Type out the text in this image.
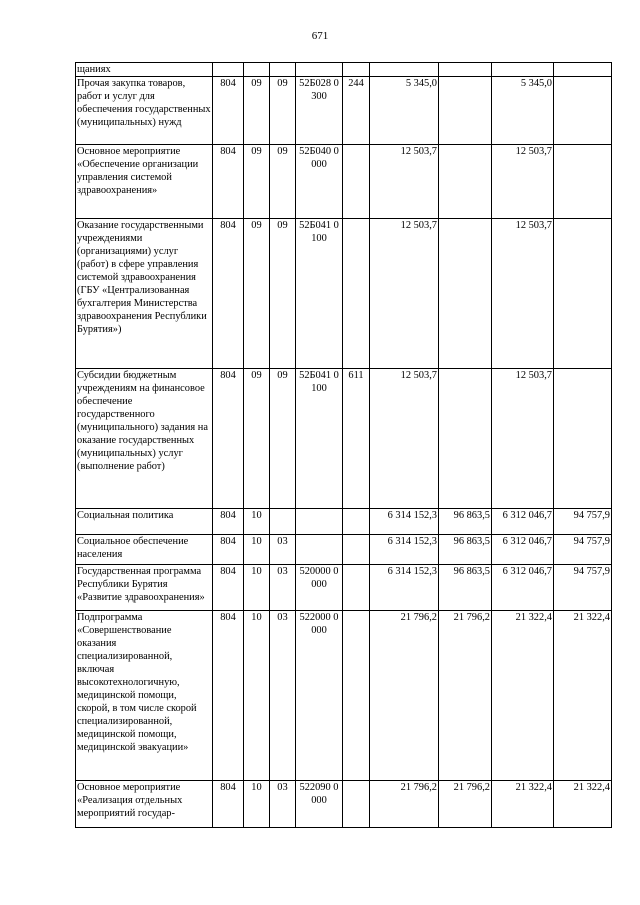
671
щаниях									
Прочая закупка товаров, работ и услуг для обеспечения государственных (муниципальных) нужд	804	09	09	52Б028 0300	244	5 345,0		5 345,0	
Основное мероприятие «Обеспечение организации управления системой здравоохранения»	804	09	09	52Б040 0000		12 503,7		12 503,7	
Оказание государственными учреждениями (организациями) услуг (работ) в сфере управления системой здравоохранения (ГБУ «Централизованная бухгалтерия Министерства здравоохранения Республики Бурятия»)	804	09	09	52Б041 0100		12 503,7		12 503,7	
Субсидии бюджетным учреждениям на финансовое обеспечение государственного (муниципального) задания на оказание государственных (муниципальных) услуг (выполнение работ)	804	09	09	52Б041 0100	611	12 503,7		12 503,7	
Социальная политика	804	10				6 314 152,3	96 863,5	6 312 046,7	94 757,9
Социальное обеспечение населения	804	10	03			6 314 152,3	96 863,5	6 312 046,7	94 757,9
Государственная программа Республики Бурятия «Развитие здравоохранения»	804	10	03	520000 0000		6 314 152,3	96 863,5	6 312 046,7	94 757,9
Подпрограмма «Совершенствование оказания специализированной, включая высокотехнологичную, медицинской помощи, скорой, в том числе скорой специализированной, медицинской помощи, медицинской эвакуации»	804	10	03	522000 0000		21 796,2	21 796,2	21 322,4	21 322,4
Основное мероприятие «Реализация отдельных мероприятий государ-	804	10	03	522090 0000		21 796,2	21 796,2	21 322,4	21 322,4
